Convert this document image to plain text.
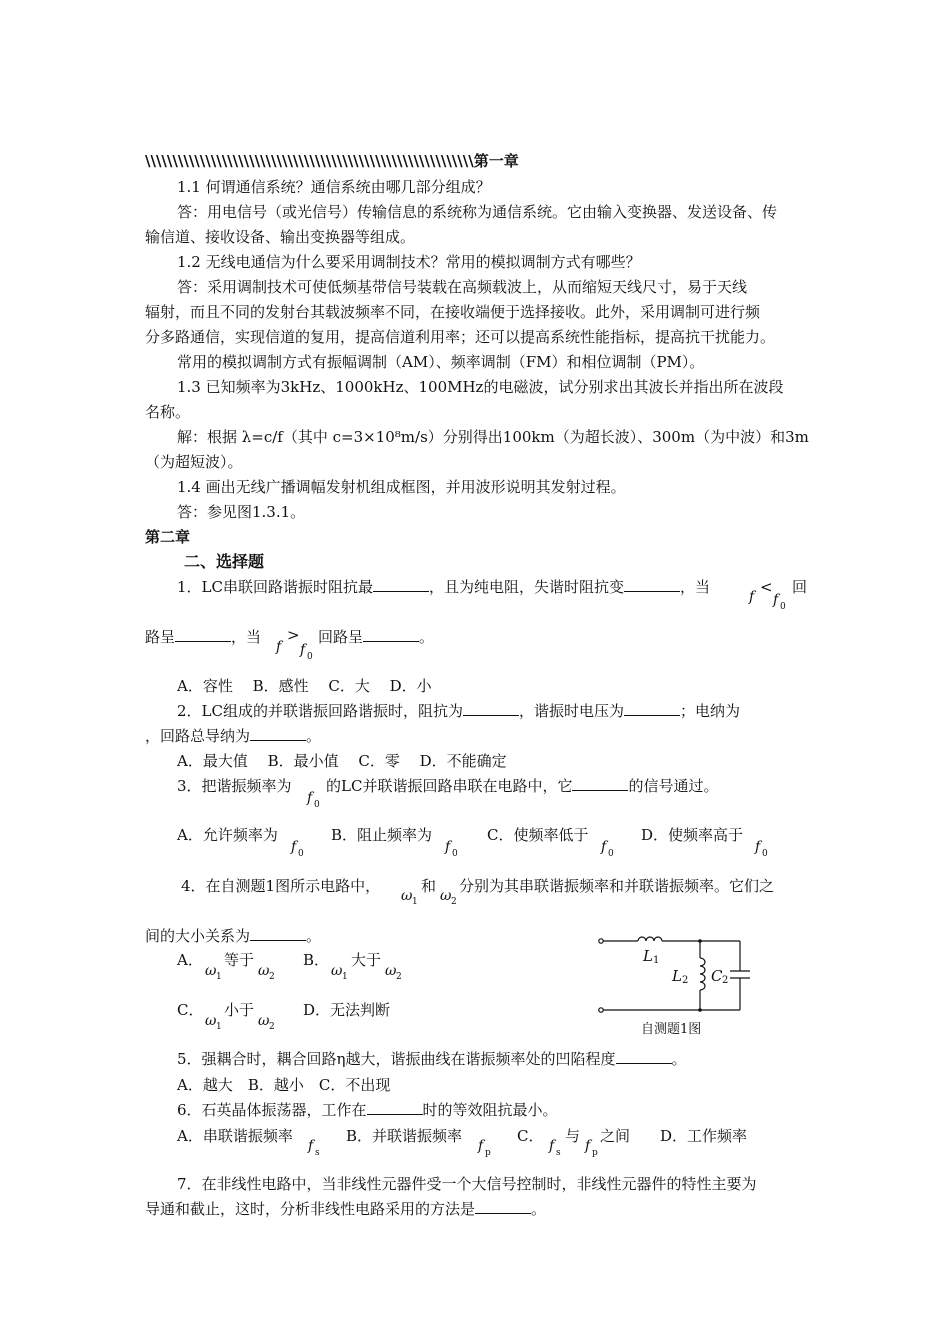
\\\\\\\\\\\\\\\\\\\\\\\\\\\\\\\\\\\\\\\\\\\\\\\\\\\\\\\\\\\\第一章
1.1 何谓通信系统？通信系统由哪几部分组成？
答：用电信号（或光信号）传输信息的系统称为通信系统。它由输入变换器、发送设备、传
输信道、接收设备、输出变换器等组成。
1.2 无线电通信为什么要采用调制技术？常用的模拟调制方式有哪些？
答：采用调制技术可使低频基带信号装载在高频载波上，从而缩短天线尺寸，易于天线
辐射，而且不同的发射台其载波频率不同，在接收端便于选择接收。此外，采用调制可进行频
分多路通信，实现信道的复用，提高信道利用率；还可以提高系统性能指标，提高抗干扰能力。
常用的模拟调制方式有振幅调制（AM）、频率调制（FM）和相位调制（PM）。
1.3 已知频率为3kHz、1000kHz、100MHz的电磁波，试分别求出其波长并指出所在波段
名称。
解：根据 λ=c/f（其中 c=3×10⁸m/s）分别得出100km（为超长波）、300m（为中波）和3m
（为超短波）。
1.4 画出无线广播调幅发射机组成框图，并用波形说明其发射过程。
答：参见图1.3.1。
第二章
二、选择题
1．LC串联回路谐振时阻抗最	，且为纯电阻，失谐时阻抗变	，当
f
<
f 0
回
路呈	，当
f
>
f 0
回路呈	。
A．容性　 B．感性　 C．大　 D．小
2．LC组成的并联谐振回路谐振时，阻抗为	，谐振时电压为	；电纳为
，回路总导纳为	。
A．最大值　 B．最小值　 C．零　 D．不能确定
3．把谐振频率为
f 0
的LC并联谐振回路串联在电路中，它	的信号通过。
A．允许频率为
f 0
B．阻止频率为
f 0
C．使频率低于
f 0
D．使频率高于
f 0
4．在自测题1图所示电路中，
ω 1
和
ω 2
分别为其串联谐振频率和并联谐振频率。它们之
间的大小关系为	。
A．
ω 1
等于
ω 2
B．
ω 1
大于
ω 2
C．
ω 1
小于
ω 2
D．无法判断
L 1
L 2 C 2
自测题1图
5．强耦合时，耦合回路η越大，谐振曲线在谐振频率处的凹陷程度	。
A．越大　B．越小　C．不出现
6．石英晶体振荡器，工作在	时的等效阻抗最小。
A．串联谐振频率
f s
B．并联谐振频率
f p
C．
f s
与
f p
之间 D．工作频率
7．在非线性电路中，当非线性元器件受一个大信号控制时，非线性元器件的特性主要为
导通和截止，这时，分析非线性电路采用的方法是	。
